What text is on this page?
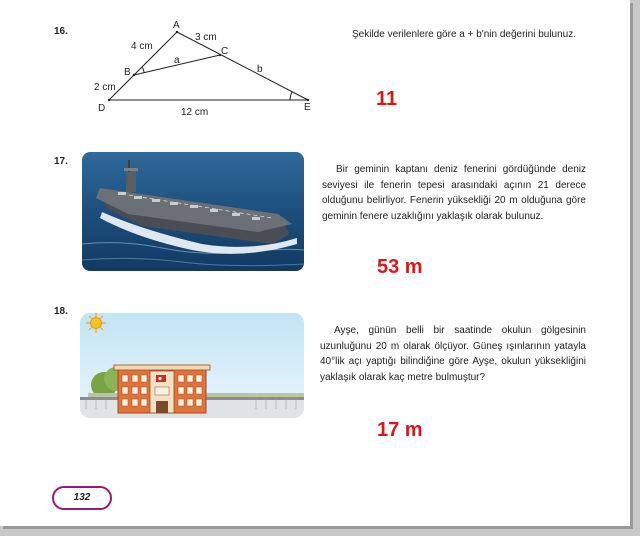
16.
A
C
B
D	E
4 cm
3 cm
2 cm
12 cm
a
b
Şekilde verilenlere göre a + b'nin değerini bulunuz.
11
17.
Bir geminin kaptanı deniz fenerini gördüğünde deniz seviyesi ile fenerin tepesi arasındaki açının 21 derece olduğunu belirliyor. Fenerin yüksekliği 20 m olduğuna göre geminin fenere uzaklığını yaklaşık olarak bulunuz.
53 m
18.
Ayşe, günün belli bir saatinde okulun gölgesinin uzunluğunu 20 m olarak ölçüyor. Güneş ışınlarının yatayla 40°lik açı yaptığı bilindiğine göre Ayşe, okulun yüksekliğini yaklaşık olarak kaç metre bulmuştur?
17 m
132
